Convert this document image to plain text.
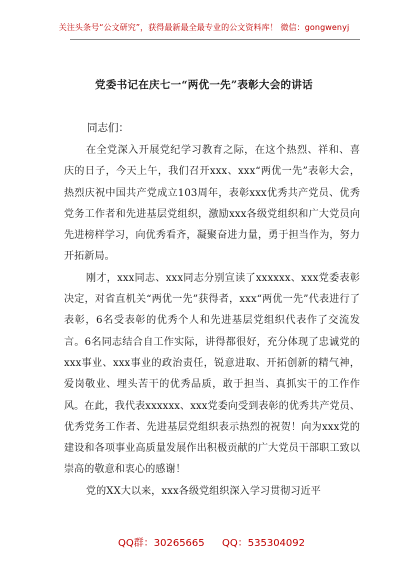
关注头条号“公文研究”，获得最新最全最专业的公文资料库！ 微信：gongwenyj
党委书记在庆七一“两优一先”表彰大会的讲话
同志们：

在全党深入开展党纪学习教育之际，在这个热烈、祥和、喜庆的日子，今天上午，我们召开xxx、xxx“两优一先”表彰大会，热烈庆祝中国共产党成立103周年，表彰xxx优秀共产党员、优秀党务工作者和先进基层党组织，激励xxx各级党组织和广大党员向先进榜样学习，向优秀看齐，凝聚奋进力量，勇于担当作为，努力开拓新局。

刚才，xxx同志、xxx同志分别宣读了xxxxxx、xxx党委表彰决定，对省直机关“两优一先”获得者，xxx“两优一先”代表进行了表彰，6名受表彰的优秀个人和先进基层党组织代表作了交流发言。6名同志结合自工作实际，讲得都很好，充分体现了忠诚党的xxx事业、xxx事业的政治责任，锐意进取、开拓创新的精气神，爱岗敬业、埋头苦干的优秀品质，敢于担当、真抓实干的工作作风。在此，我代表xxxxxx、xxx党委向受到表彰的优秀共产党员、优秀党务工作者、先进基层党组织表示热烈的祝贺！向为xxx党的建设和各项事业高质量发展作出积极贡献的广大党员干部职工致以崇高的敬意和衷心的感谢！

党的XX大以来，xxx各级党组织深入学习贯彻习近平

QQ群：30265665 QQ：535304092
